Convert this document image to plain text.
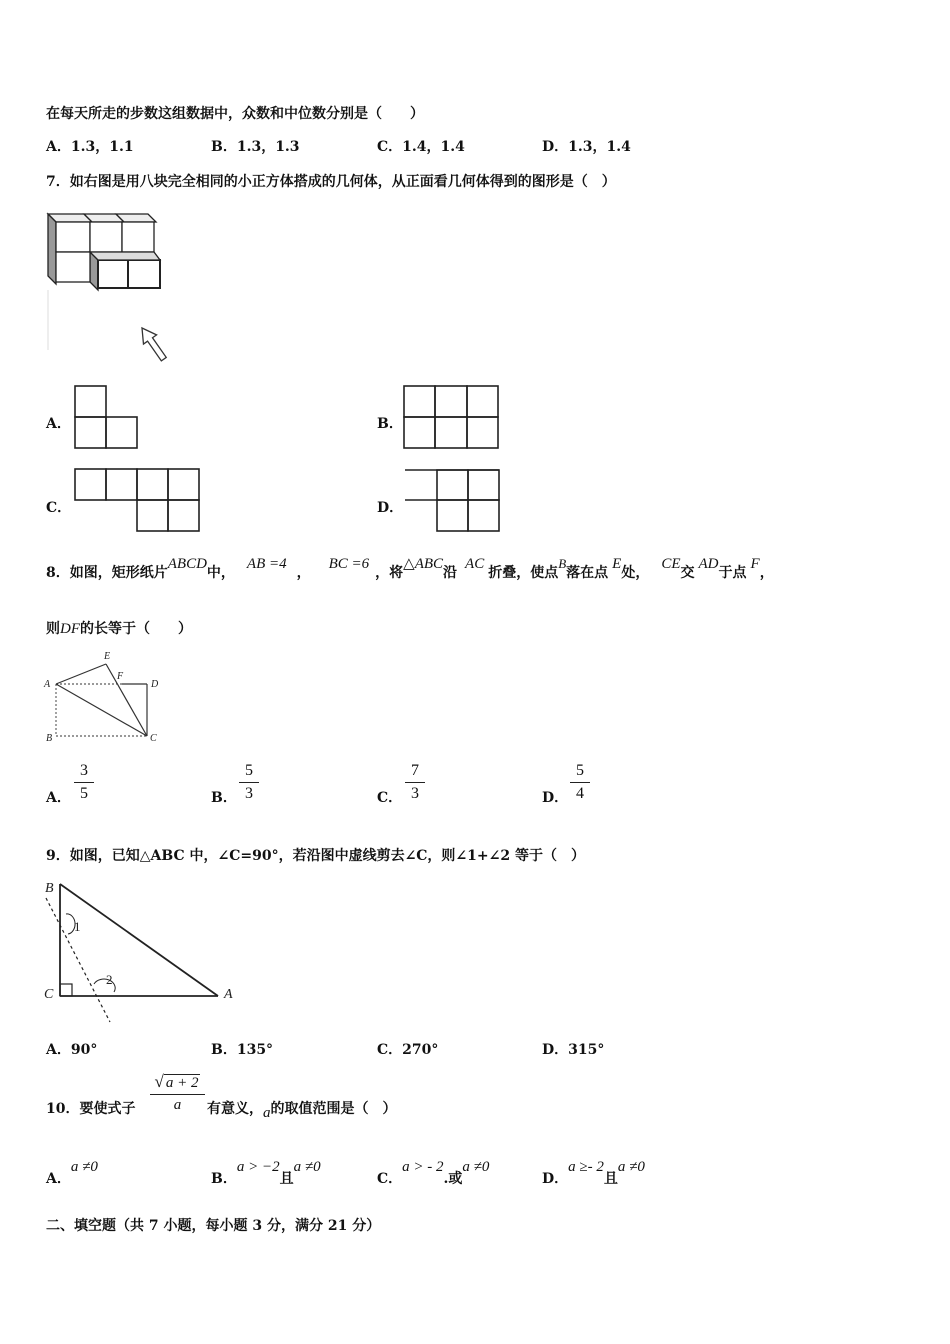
在每天所走的步数这组数据中，众数和中位数分别是（　　）
A．1.3，1.1	B．1.3，1.3	C．1.4，1.4	D．1.3，1.4
7．如右图是用八块完全相同的小正方体搭成的几何体，从正面看几何体得到的图形是（　）
A．	B．
C．	D．
8．如图，矩形纸片ABCD中，AB =4，BC =6，将△ABC沿AC折叠，使点B落在点E处，CE交AD于点F，
则DF的长等于（　　）
A
B	C
D
E
F
A． $\frac{3}{5}$	B． $\frac{5}{3}$	C． $\frac{7}{3}$	D． $\frac{5}{4}$
9．如图，已知△ABC 中，∠C=90°，若沿图中虚线剪去∠C，则∠1+∠2 等于（　）
B
C	A
1
2
A．90°	B．135°	C．270°	D．315°
10．要使式子
√ a + 2
a	有意义，a的取值范围是（　）
A．a ≠0
B．a > −2且a ≠0
C．a > - 2.或a ≠0
D．a ≥- 2且a ≠0
二、填空题（共 7 小题，每小题 3 分，满分 21 分）
